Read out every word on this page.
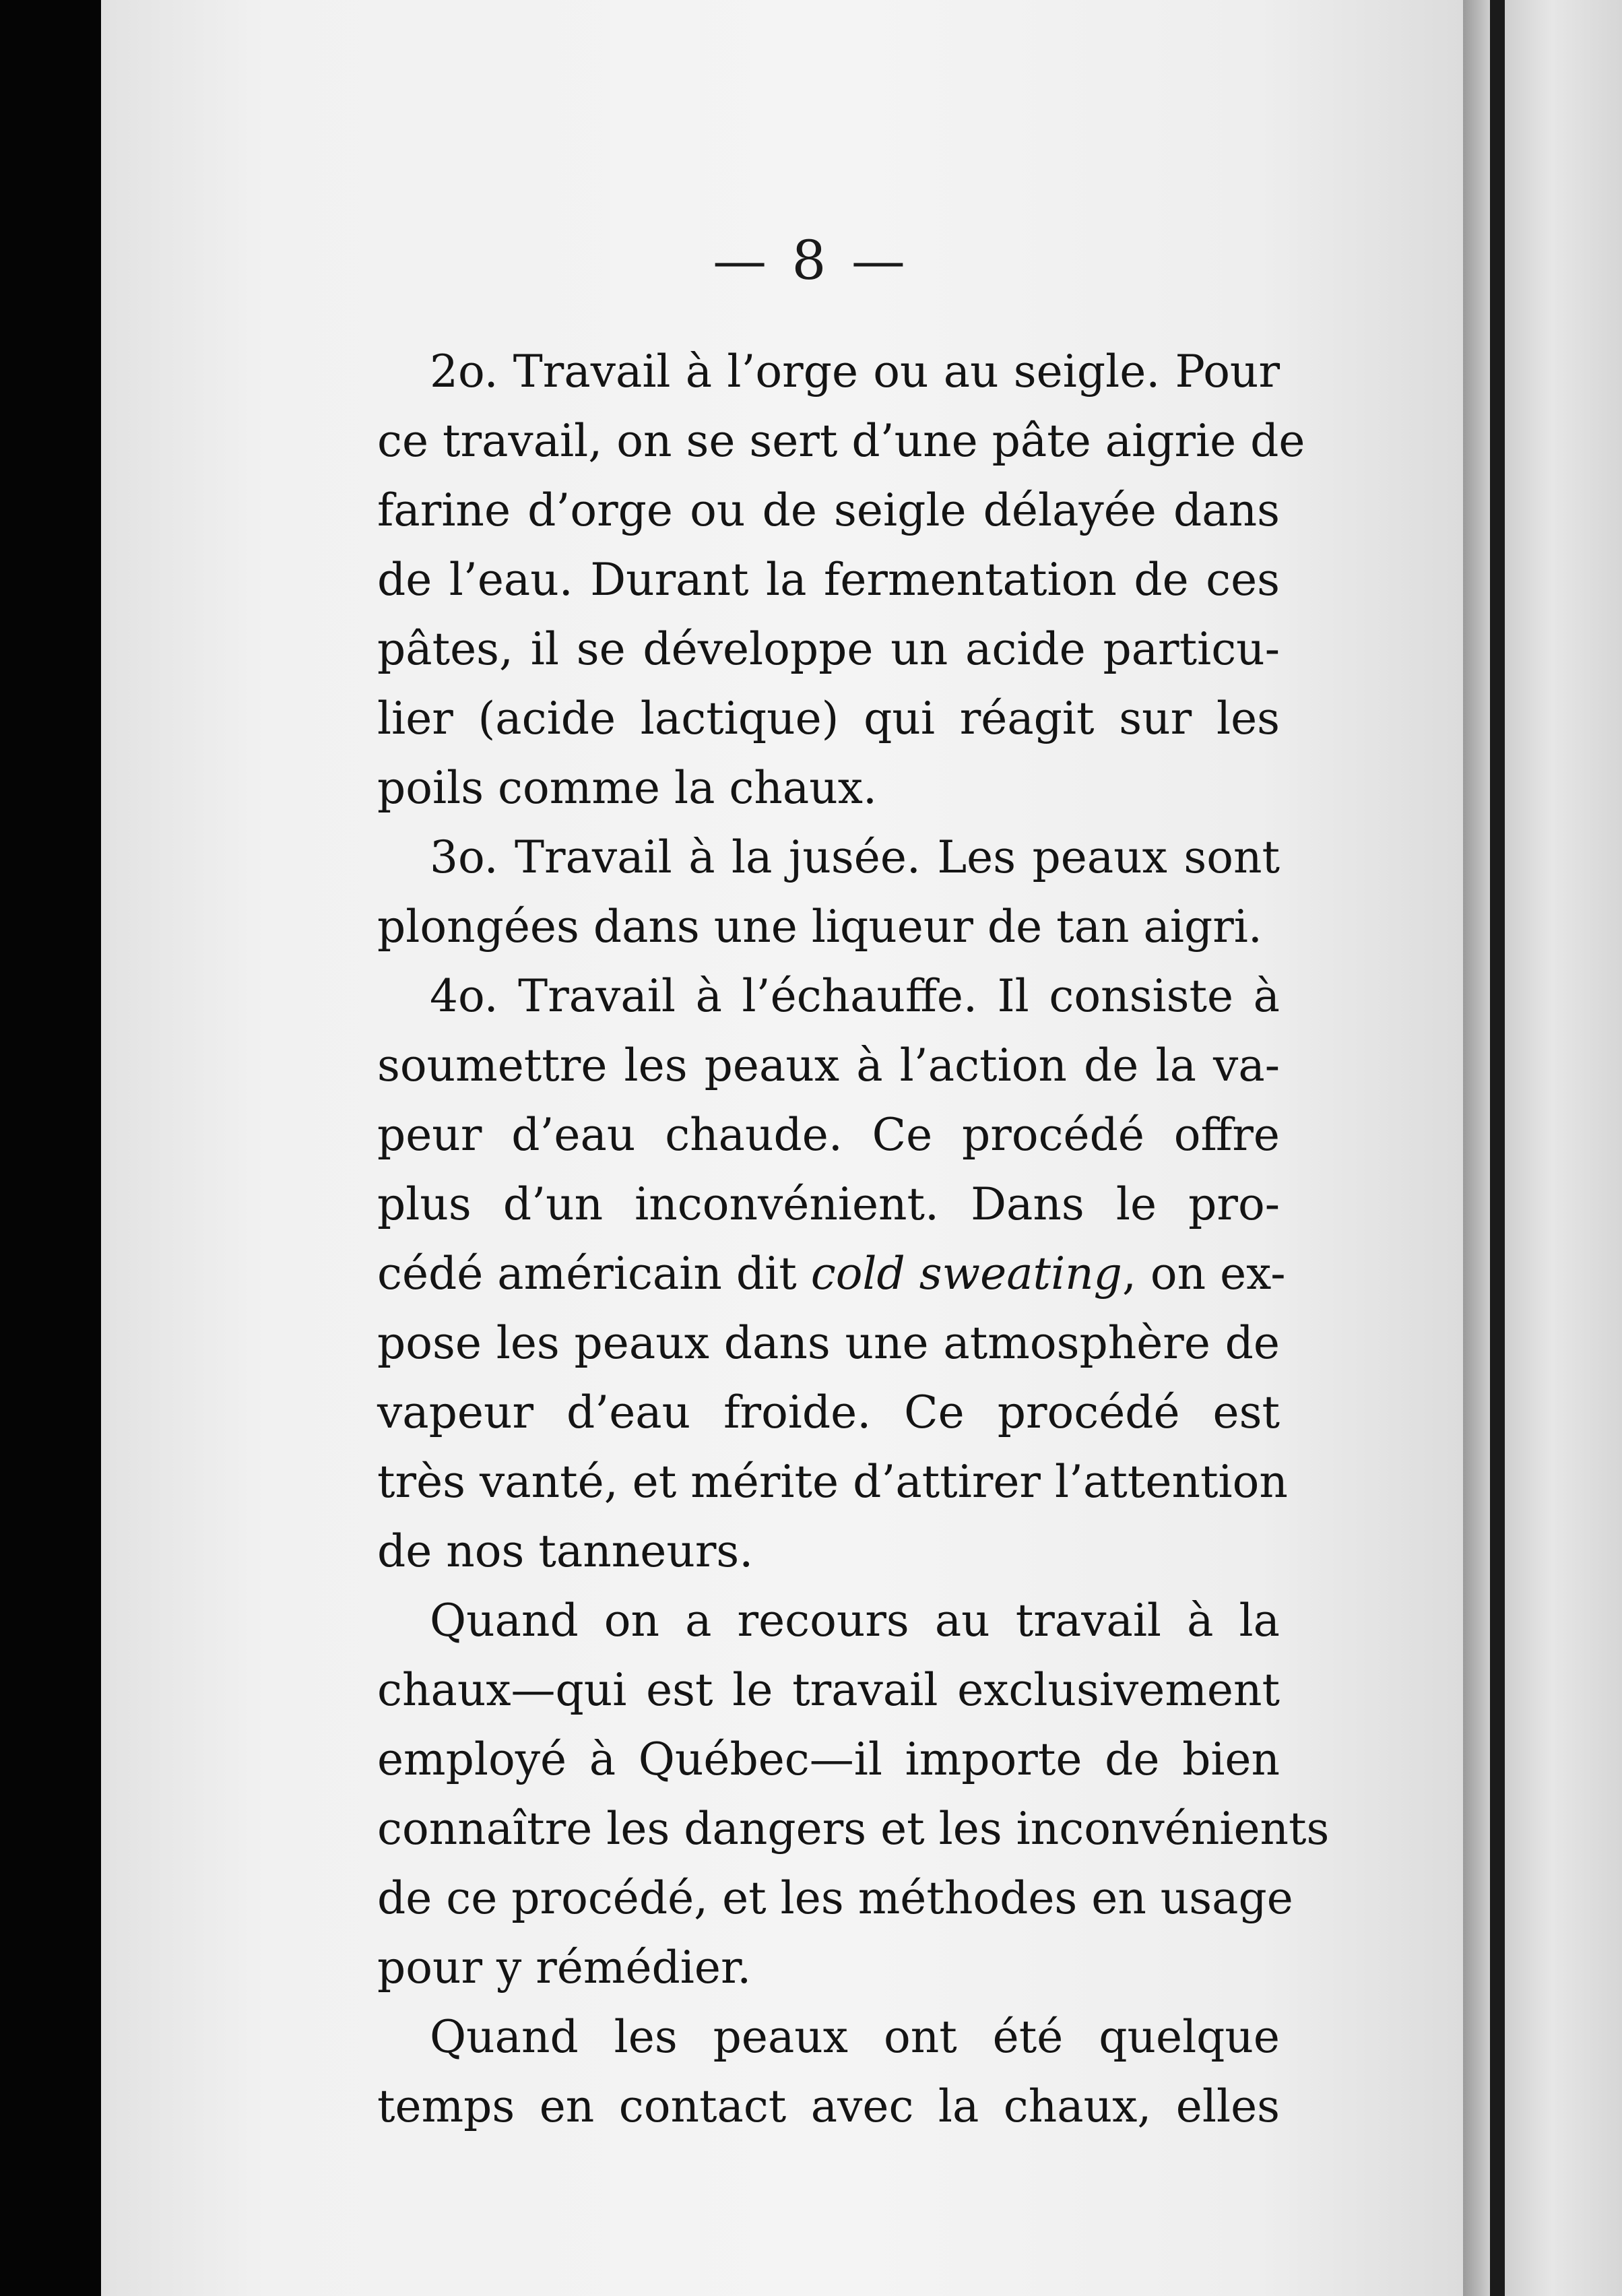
— 8 —
2o. Travail à l’orge ou au seigle. Pour
ce travail, on se sert d’une pâte aigrie de
farine d’orge ou de seigle délayée dans
de l’eau. Durant la fermentation de ces
pâtes, il se développe un acide particu-
lier (acide lactique) qui réagit sur les
poils comme la chaux.
3o. Travail à la jusée. Les peaux sont
plongées dans une liqueur de tan aigri.
4o. Travail à l’échauffe. Il consiste à
soumettre les peaux à l’action de la va-
peur d’eau chaude. Ce procédé offre
plus d’un inconvénient. Dans le pro-
cédé américain dit cold sweating, on ex-
pose les peaux dans une atmosphère de
vapeur d’eau froide. Ce procédé est
très vanté, et mérite d’attirer l’attention
de nos tanneurs.
Quand on a recours au travail à la
chaux—qui est le travail exclusivement
employé à Québec—il importe de bien
connaître les dangers et les inconvénients
de ce procédé, et les méthodes en usage
pour y rémédier.
Quand les peaux ont été quelque
temps en contact avec la chaux, elles
